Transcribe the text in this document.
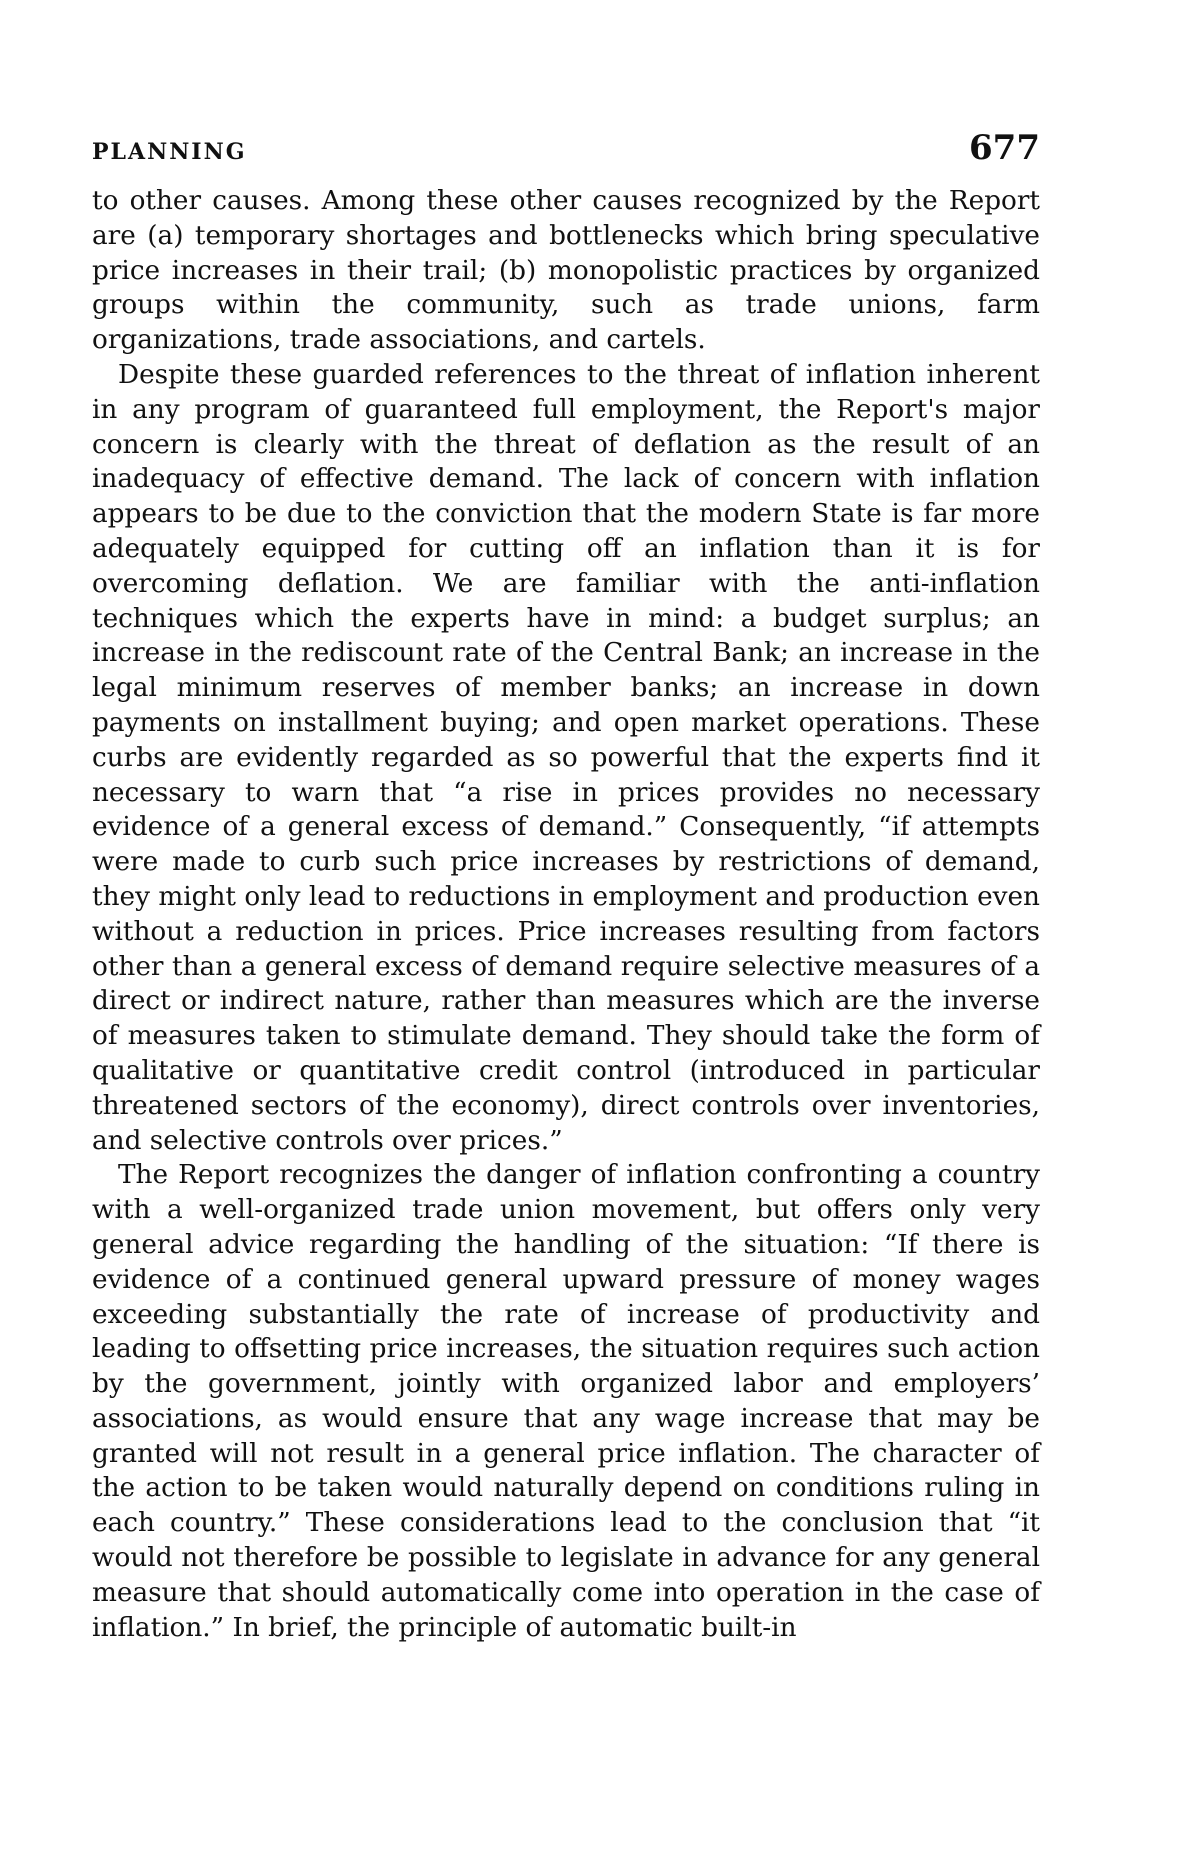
PLANNING	677

to other causes. Among these other causes recognized by the Report are (a) temporary shortages and bottlenecks which bring speculative price increases in their trail; (b) monopolistic practices by organized groups within the community, such as trade unions, farm organizations, trade associations, and cartels.

Despite these guarded references to the threat of inflation inherent in any program of guaranteed full employment, the Report's major concern is clearly with the threat of deflation as the result of an inadequacy of effective demand. The lack of concern with inflation appears to be due to the conviction that the modern State is far more adequately equipped for cutting off an inflation than it is for overcoming deflation. We are familiar with the anti-inflation techniques which the experts have in mind: a budget surplus; an increase in the rediscount rate of the Central Bank; an increase in the legal minimum reserves of member banks; an increase in down payments on installment buying; and open market operations. These curbs are evidently regarded as so powerful that the experts find it necessary to warn that “a rise in prices provides no necessary evidence of a general excess of demand.” Consequently, “if attempts were made to curb such price increases by restrictions of demand, they might only lead to reductions in employment and production even without a reduction in prices. Price increases resulting from factors other than a general excess of demand require selective measures of a direct or indirect nature, rather than measures which are the inverse of measures taken to stimulate demand. They should take the form of qualitative or quantitative credit control (introduced in particular threatened sectors of the economy), direct controls over inventories, and selective controls over prices.”

The Report recognizes the danger of inflation confronting a country with a well-organized trade union movement, but offers only very general advice regarding the handling of the situation: “If there is evidence of a continued general upward pressure of money wages exceeding substantially the rate of increase of productivity and leading to offsetting price increases, the situation requires such action by the government, jointly with organized labor and employers’ associations, as would ensure that any wage increase that may be granted will not result in a general price inflation. The character of the action to be taken would naturally depend on conditions ruling in each country.” These considerations lead to the conclusion that “it would not therefore be possible to legislate in advance for any general measure that should automatically come into operation in the case of inflation.” In brief, the principle of automatic built-in
